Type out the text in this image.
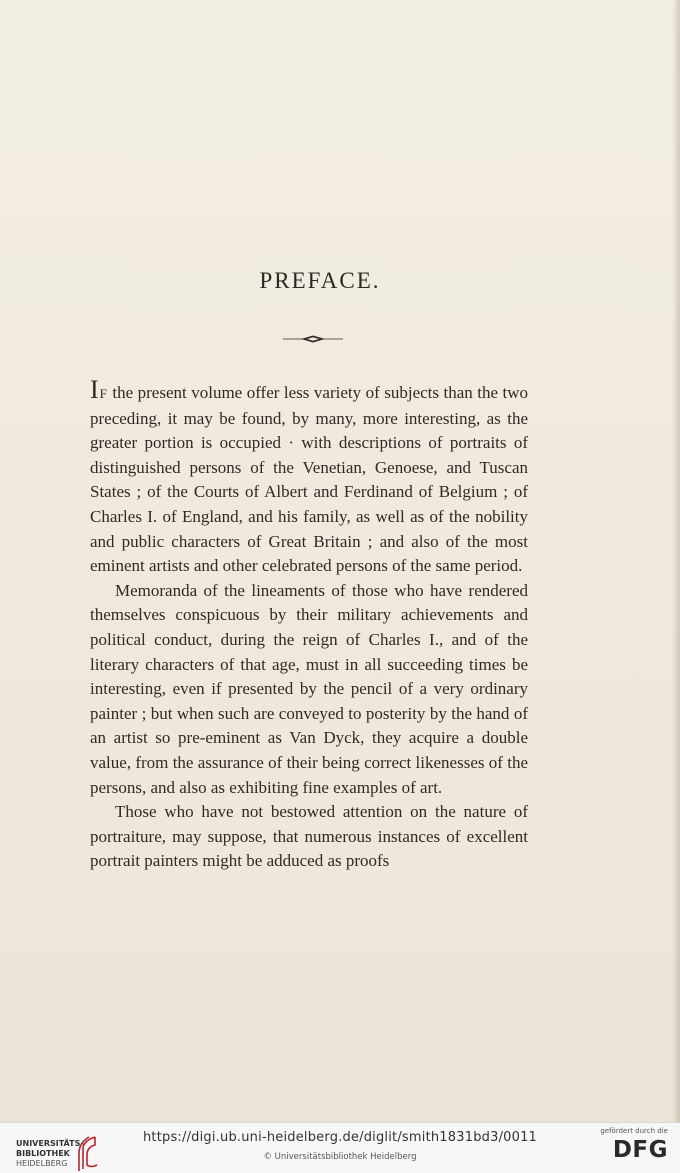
PREFACE.

IF the present volume offer less variety of subjects than the two preceding, it may be found, by many, more interesting, as the greater portion is occupied · with descriptions of portraits of distinguished persons of the Venetian, Genoese, and Tuscan States ; of the Courts of Albert and Ferdinand of Belgium ; of Charles I. of England, and his family, as well as of the nobility and public characters of Great Britain ; and also of the most eminent artists and other celebrated persons of the same period.

Memoranda of the lineaments of those who have rendered themselves conspicuous by their military achievements and political conduct, during the reign of Charles I., and of the literary characters of that age, must in all succeeding times be interesting, even if presented by the pencil of a very ordinary painter ; but when such are conveyed to posterity by the hand of an artist so pre-eminent as Van Dyck, they acquire a double value, from the assurance of their being correct likenesses of the persons, and also as exhibiting fine examples of art.

Those who have not bestowed attention on the nature of portraiture, may suppose, that numerous instances of excellent portrait painters might be adduced as proofs

UNIVERSITÄTS-
BIBLIOTHEK
HEIDELBERG
https://digi.ub.uni-heidelberg.de/diglit/smith1831bd3/0011
© Universitätsbibliothek Heidelberg
gefördert durch die
DFG
